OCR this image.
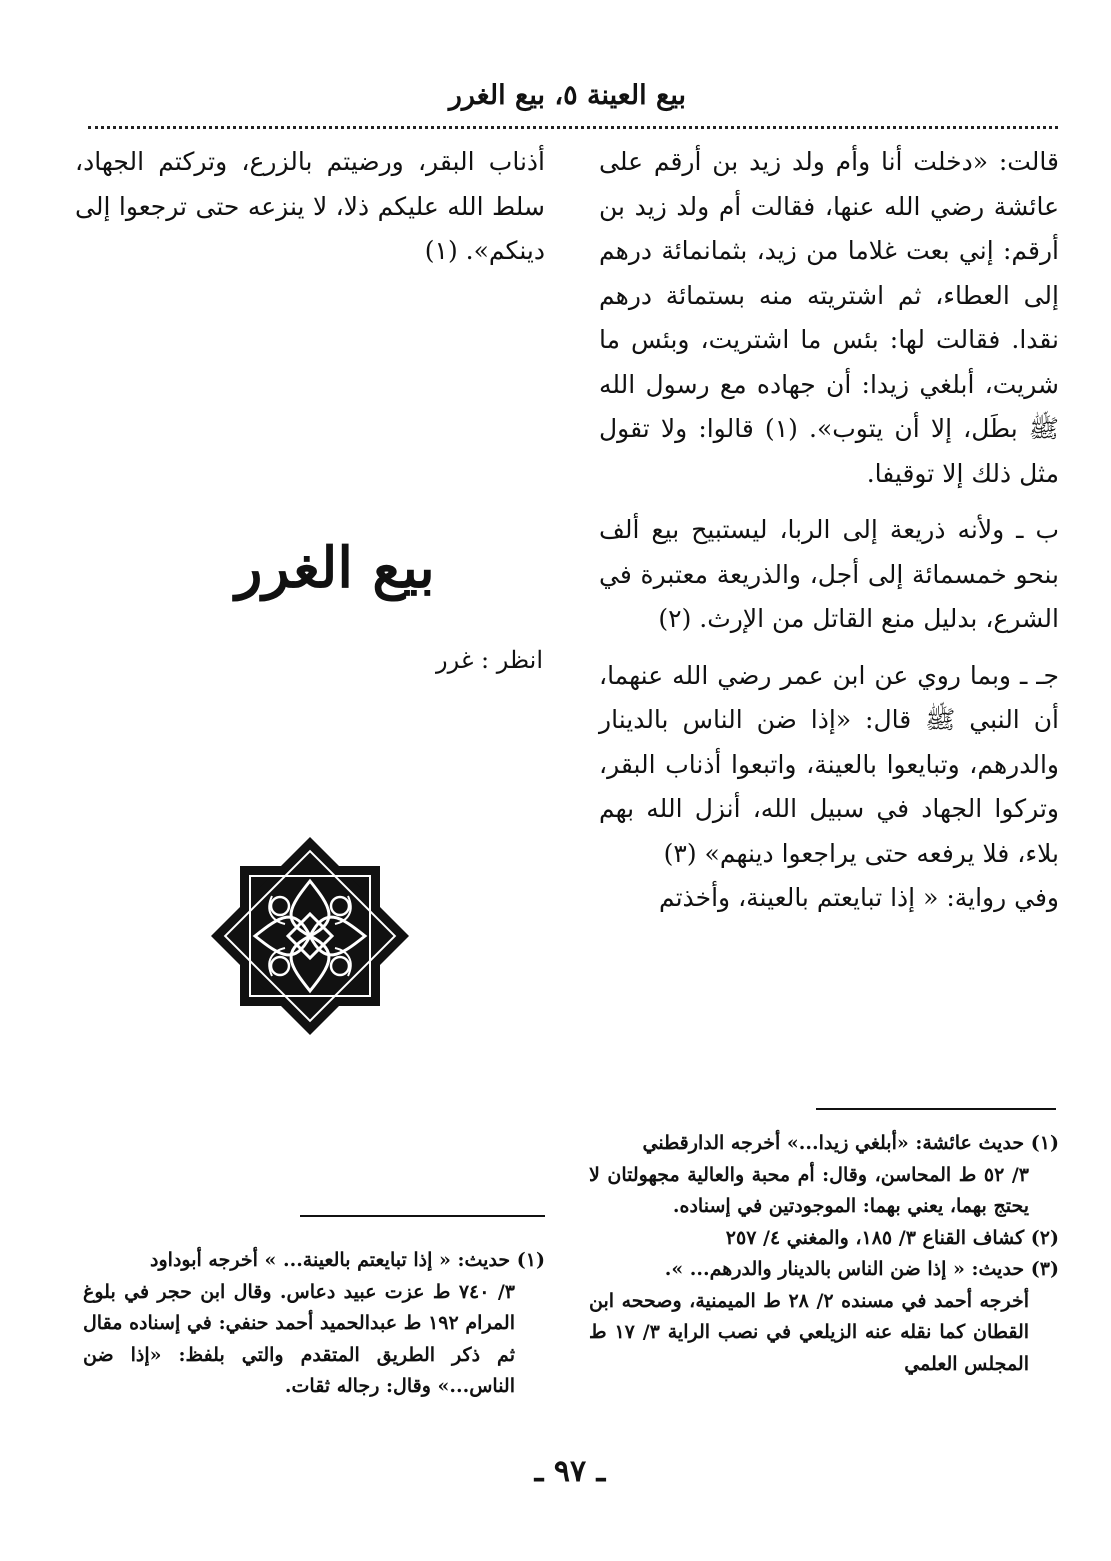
بيع العينة ٥، بيع الغرر

قالت: «دخلت أنا وأم ولد زيد بن أرقم على عائشة رضي الله عنها، فقالت أم ولد زيد بن أرقم: إني بعت غلاما من زيد، بثمانمائة درهم إلى العطاء، ثم اشتريته منه بستمائة درهم نقدا. فقالت لها: بئس ما اشتريت، وبئس ما شريت، أبلغي زيدا: أن جهاده مع رسول الله ﷺ بطَل، إلا أن يتوب». (١) قالوا: ولا تقول مثل ذلك إلا توقيفا.

ب ـ ولأنه ذريعة إلى الربا، ليستبيح بيع ألف بنحو خمسمائة إلى أجل، والذريعة معتبرة في الشرع، بدليل منع القاتل من الإرث. (٢)

جـ ـ وبما روي عن ابن عمر رضي الله عنهما، أن النبي ﷺ قال: «إذا ضن الناس بالدينار والدرهم، وتبايعوا بالعينة، واتبعوا أذناب البقر، وتركوا الجهاد في سبيل الله، أنزل الله بهم بلاء، فلا يرفعه حتى يراجعوا دينهم» (٣)

وفي رواية: « إذا تبايعتم بالعينة، وأخذتم

أذناب البقر، ورضيتم بالزرع، وتركتم الجهاد، سلط الله عليكم ذلا، لا ينزعه حتى ترجعوا إلى دينكم». (١)

بيع الغرر
انظر : غرر

(١) حديث عائشة: «أبلغي زيدا...» أخرجه الدارقطني

٣/ ٥٢ ط المحاسن، وقال: أم محبة والعالية مجهولتان لا يحتج بهما، يعني بهما: الموجودتين في إسناده.

(٢) كشاف القناع ٣/ ١٨٥، والمغني ٤/ ٢٥٧

(٣) حديث: « إذا ضن الناس بالدينار والدرهم... ».

أخرجه أحمد في مسنده ٢/ ٢٨ ط الميمنية، وصححه ابن القطان كما نقله عنه الزيلعي في نصب الراية ٣/ ١٧ ط المجلس العلمي

(١) حديث: « إذا تبايعتم بالعينة... » أخرجه أبوداود

٣/ ٧٤٠ ط عزت عبيد دعاس. وقال ابن حجر في بلوغ المرام ١٩٢ ط عبدالحميد أحمد حنفي: في إسناده مقال ثم ذكر الطريق المتقدم والتي بلفظ: «إذا ضن الناس...» وقال: رجاله ثقات.

ـ ٩٧ ـ
